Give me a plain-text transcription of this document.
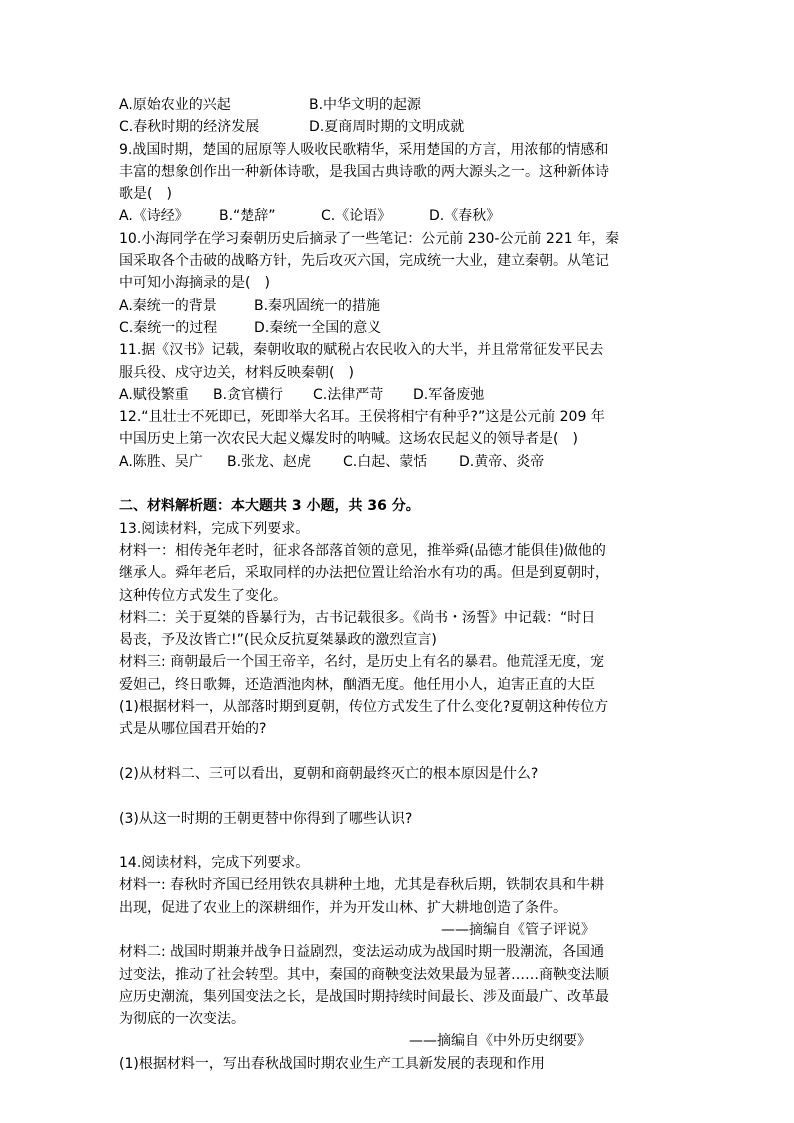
A.原始农业的兴起	B.中华文明的起源
C.春秋时期的经济发展	D.夏商周时期的文明成就
9.战国时期，楚国的屈原等人吸收民歌精华，采用楚国的方言，用浓郁的情感和
丰富的想象创作出一种新体诗歌，是我国古典诗歌的两大源头之一。这种新体诗
歌是(　)
A.《诗经》 B.“楚辞”	C.《论语》	D.《春秋》
10.小海同学在学习秦朝历史后摘录了一些笔记：公元前 230-公元前 221 年，秦
国采取各个击破的战略方针，先后攻灭六国，完成统一大业，建立秦朝。从笔记
中可知小海摘录的是(　)
A.秦统一的背景	B.秦巩固统一的措施
C.秦统一的过程	D.秦统一全国的意义
11.据《汉书》记载，秦朝收取的赋税占农民收入的大半，并且常常征发平民去
服兵役、戍守边关，材料反映秦朝(　)
A.赋役繁重 B.贪官横行 C.法律严苛 D.军备废弛
12.“且壮士不死即已，死即举大名耳。王侯将相宁有种乎?”这是公元前 209 年
中国历史上第一次农民大起义爆发时的呐喊。这场农民起义的领导者是(　)
A.陈胜、吴广 B.张龙、赵虎 C.白起、蒙恬 D.黄帝、炎帝
二、材料解析题：本大题共 3 小题，共 36 分。
13.阅读材料，完成下列要求。
材料一：相传尧年老时，征求各部落首领的意见，推举舜(品德才能俱佳)做他的
继承人。舜年老后，采取同样的办法把位置让给治水有功的禹。但是到夏朝时，
这种传位方式发生了变化。
材料二：关于夏桀的昏暴行为，古书记载很多。《尚书・汤誓》中记载：“时日
曷丧，予及汝皆亡!”(民众反抗夏桀暴政的激烈宣言)
材料三: 商朝最后一个国王帝辛，名纣，是历史上有名的暴君。他荒淫无度，宠
爱妲己，终日歌舞，还造酒池肉林，酗酒无度。他任用小人，迫害正直的大臣
(1)根据材料一，从部落时期到夏朝，传位方式发生了什么变化?夏朝这种传位方
式是从哪位国君开始的?
(2)从材料二、三可以看出，夏朝和商朝最终灭亡的根本原因是什么?
(3)从这一时期的王朝更替中你得到了哪些认识?
14.阅读材料，完成下列要求。
材料一: 春秋时齐国已经用铁农具耕种土地，尤其是春秋后期，铁制农具和牛耕
出现，促进了农业上的深耕细作，并为开发山林、扩大耕地创造了条件。
——摘编自《管子评说》
材料二: 战国时期兼并战争日益剧烈，变法运动成为战国时期一股潮流，各国通
过变法，推动了社会转型。其中，秦国的商鞅变法效果最为显著……商鞅变法顺
应历史潮流，集列国变法之长，是战国时期持续时间最长、涉及面最广、改革最
为彻底的一次变法。
——摘编自《中外历史纲要》
(1)根据材料一，写出春秋战国时期农业生产工具新发展的表现和作用
